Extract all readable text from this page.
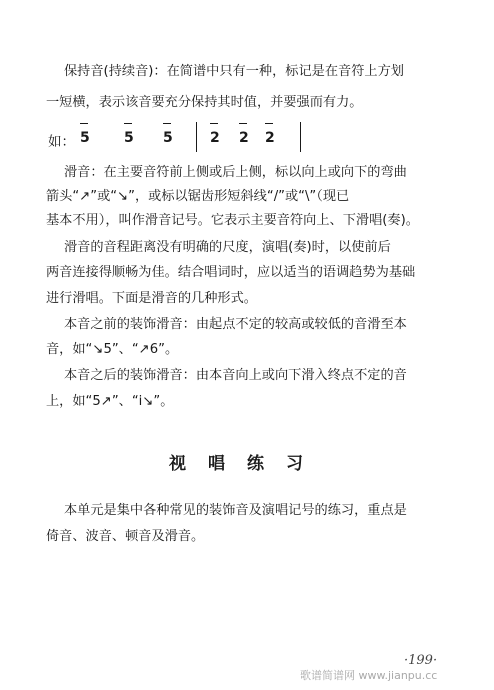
保持音(持续音)：在简谱中只有一种，标记是在音符上方划
一短横，表示该音要充分保持其时值，并要强而有力。
如： 5 5 5	2 2 2
滑音：在主要音符前上侧或后上侧，标以向上或向下的弯曲
箭头“↗”或“↘”，或标以锯齿形短斜线“/”或“\”（现已
基本不用），叫作滑音记号。它表示主要音符向上、下滑唱(奏)。
滑音的音程距离没有明确的尺度，演唱(奏)时，以使前后
两音连接得顺畅为佳。结合唱词时，应以适当的语调趋势为基础
进行滑唱。下面是滑音的几种形式。
本音之前的装饰滑音：由起点不定的较高或较低的音滑至本
音，如“↘5”、“↗6”。
本音之后的装饰滑音：由本音向上或向下滑入终点不定的音
上，如“5↗”、“i↘”。
视唱练习
本单元是集中各种常见的装饰音及演唱记号的练习，重点是
倚音、波音、顿音及滑音。
·199·
歌谱简谱网 www.jianpu.cc
